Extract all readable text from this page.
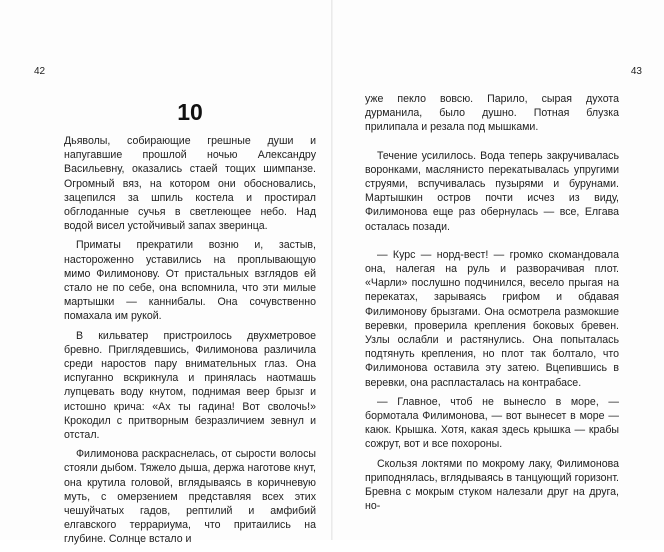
42	43
10

Дьяволы, собирающие грешные души и напугавшие прошлой ночью Александру Васильевну, оказались стаей тощих шимпанзе. Огромный вяз, на котором они обосновались, зацепился за шпиль костела и простирал обглоданные сучья в светлеющее небо. Над водой висел устойчивый запах зверинца.

Приматы прекратили возню и, застыв, настороженно уставились на проплывающую мимо Филимонову. От пристальных взглядов ей стало не по себе, она вспомнила, что эти милые мартышки — каннибалы. Она сочувственно помахала им рукой.

В кильватер пристроилось двухметровое бревно. Приглядевшись, Филимонова различила среди наростов пару внимательных глаз. Она испуганно вскрикнула и принялась наотмашь лупцевать воду кнутом, поднимая веер брызг и истошно крича: «Ах ты гадина! Вот сволочь!» Крокодил с притворным безразличием зевнул и отстал.

Филимонова раскраснелась, от сырости волосы стояли дыбом. Тяжело дыша, держа наготове кнут, она крутила головой, вглядываясь в коричневую муть, с омерзением представляя всех этих чешуйчатых гадов, рептилий и амфибий елгавского террариума, что притаились на глубине. Солнце встало и

уже пекло вовсю. Парило, сырая духота дурманила, было душно. Потная блузка прилипала и резала под мышками.

Течение усилилось. Вода теперь закручивалась воронками, маслянисто перекатывалась упругими струями, вспучивалась пузырями и бурунами. Мартышкин остров почти исчез из виду, Филимонова еще раз обернулась — все, Елгава осталась позади.

— Курс — норд-вест! — громко скомандовала она, налегая на руль и разворачивая плот. «Чарли» послушно подчинился, весело прыгая на перекатах, зарываясь грифом и обдавая Филимонову брызгами. Она осмотрела размокшие веревки, проверила крепления боковых бревен. Узлы ослабли и растянулись. Она попыталась подтянуть крепления, но плот так болтало, что Филимонова оставила эту затею. Вцепившись в веревки, она распласталась на контрабасе.

— Главное, чтоб не вынесло в море, — бормотала Филимонова, — вот вынесет в море — каюк. Крышка. Хотя, какая здесь крышка — крабы сожрут, вот и все похороны.

Скользя локтями по мокрому лаку, Филимонова приподнялась, вглядываясь в танцующий горизонт. Бревна с мокрым стуком налезали друг на друга, но-
